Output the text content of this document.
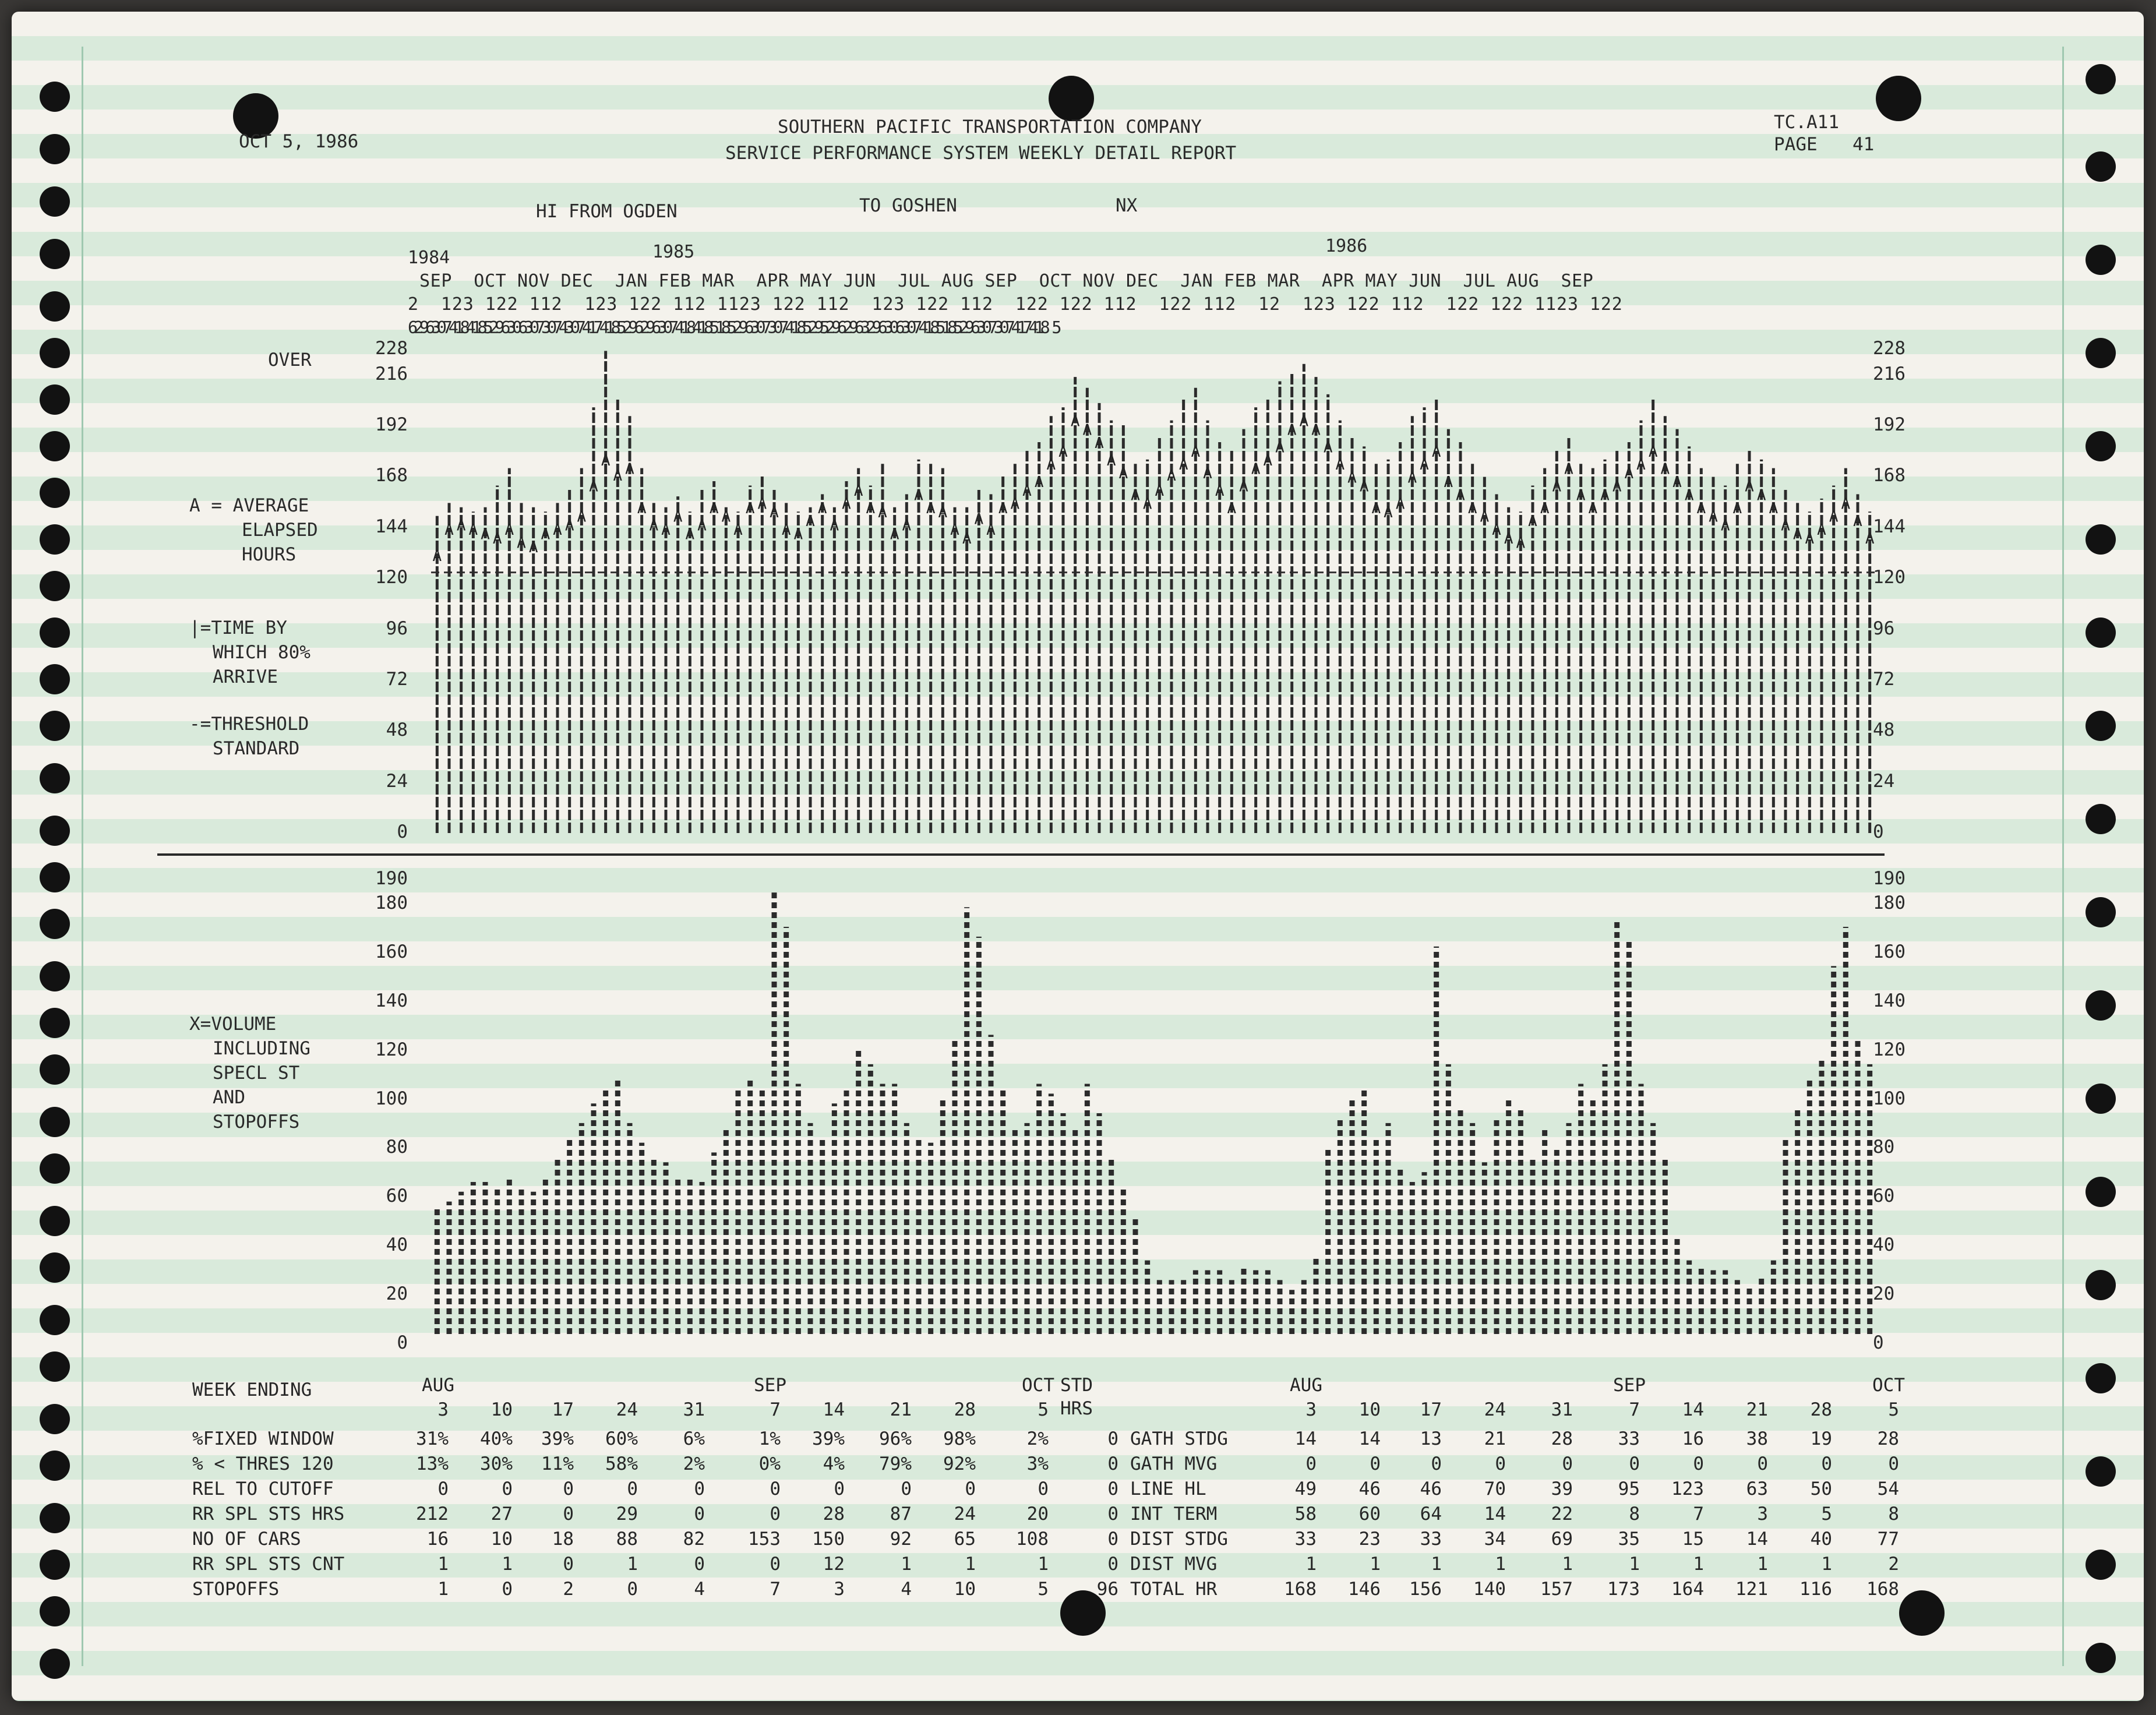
OCT 5, 1986
SOUTHERN PACIFIC TRANSPORTATION COMPANY
SERVICE PERFORMANCE SYSTEM WEEKLY DETAIL REPORT
TC.A11
PAGE 41
HI FROM OGDEN	TO GOSHEN	NX
1984	1985	1986
SEP  OCT NOV DEC  JAN FEB MAR  APR MAY JUN  JUL AUG SEP  OCT NOV DEC  JAN FEB MAR  APR MAY JUN  JUL AUG  SEP
2  123 122 112  123 122 112 1123 122 112  123 122 112  122 122 112  122 112  12  123 122 112  122 122 1123 122
62963074184185296306307307430741741852962963074184185185296307307418529529629632963063074185185296307307417418 5
OVER
228
216
192
168
144
120
96
72
48
24
0
228
216
192
168
144
120
96
72
48
24
0
A = AVERAGE
ELAPSED
HOURS
|=TIME BY
WHICH 80%
ARRIVE
-=THRESHOLD
STANDARD
A
A A A A A A
A A
A A A A
A
A
A A
A
A A
A
A A
A A
A
A A A
A A
A
A
A
A
A
A A
A A
A
A A
A A
A
A
A A
A A
A
A
A A
A
A
A
A A
A
A
A
A
A
A
A
A
A A
A
A A A
A
A
A A
A A A
A
A
A
A
A
A A
A A A
A
A
A
A
A
A
A A
A A
A
A
A
A
A A A
A
A A
A
A A A A
A
A
A
A
190
180
160
140
120
100
80
60
40
20
0
190
180
160
140
120
100
80
60
40
20
0
X=VOLUME
INCLUDING
SPECL ST
AND
STOPOFFS
WEEK ENDING	STD
HRS
AUG	SEP	OCT
3	10	17	24	31	7	14	21	28	5
%FIXED WINDOW	31%	40%	39%	60%	6%	1%	39%	96%	98%	2%	0
% < THRES 120	13%	30%	11%	58%	2%	0%	4%	79%	92%	3%	0
REL TO CUTOFF	0	0	0	0	0	0	0	0	0	0	0
RR SPL STS HRS	212	27	0	29	0	0	28	87	24	20	0
NO OF CARS	16	10	18	88	82	153	150	92	65	108	0
RR SPL STS CNT	1	1	0	1	0	0	12	1	1	1	0
STOPOFFS	1	0	2	0	4	7	3	4	10	5	96
AUG	SEP	OCT
3	10	17	24	31	7	14	21	28	5
GATH STDG	14	14	13	21	28	33	16	38	19	28
GATH MVG	0	0	0	0	0	0	0	0	0	0
LINE HL	49	46	46	70	39	95	123	63	50	54
INT TERM	58	60	64	14	22	8	7	3	5	8
DIST STDG	33	23	33	34	69	35	15	14	40	77
DIST MVG	1	1	1	1	1	1	1	1	1	2
TOTAL HR	168	146	156	140	157	173	164	121	116	168
